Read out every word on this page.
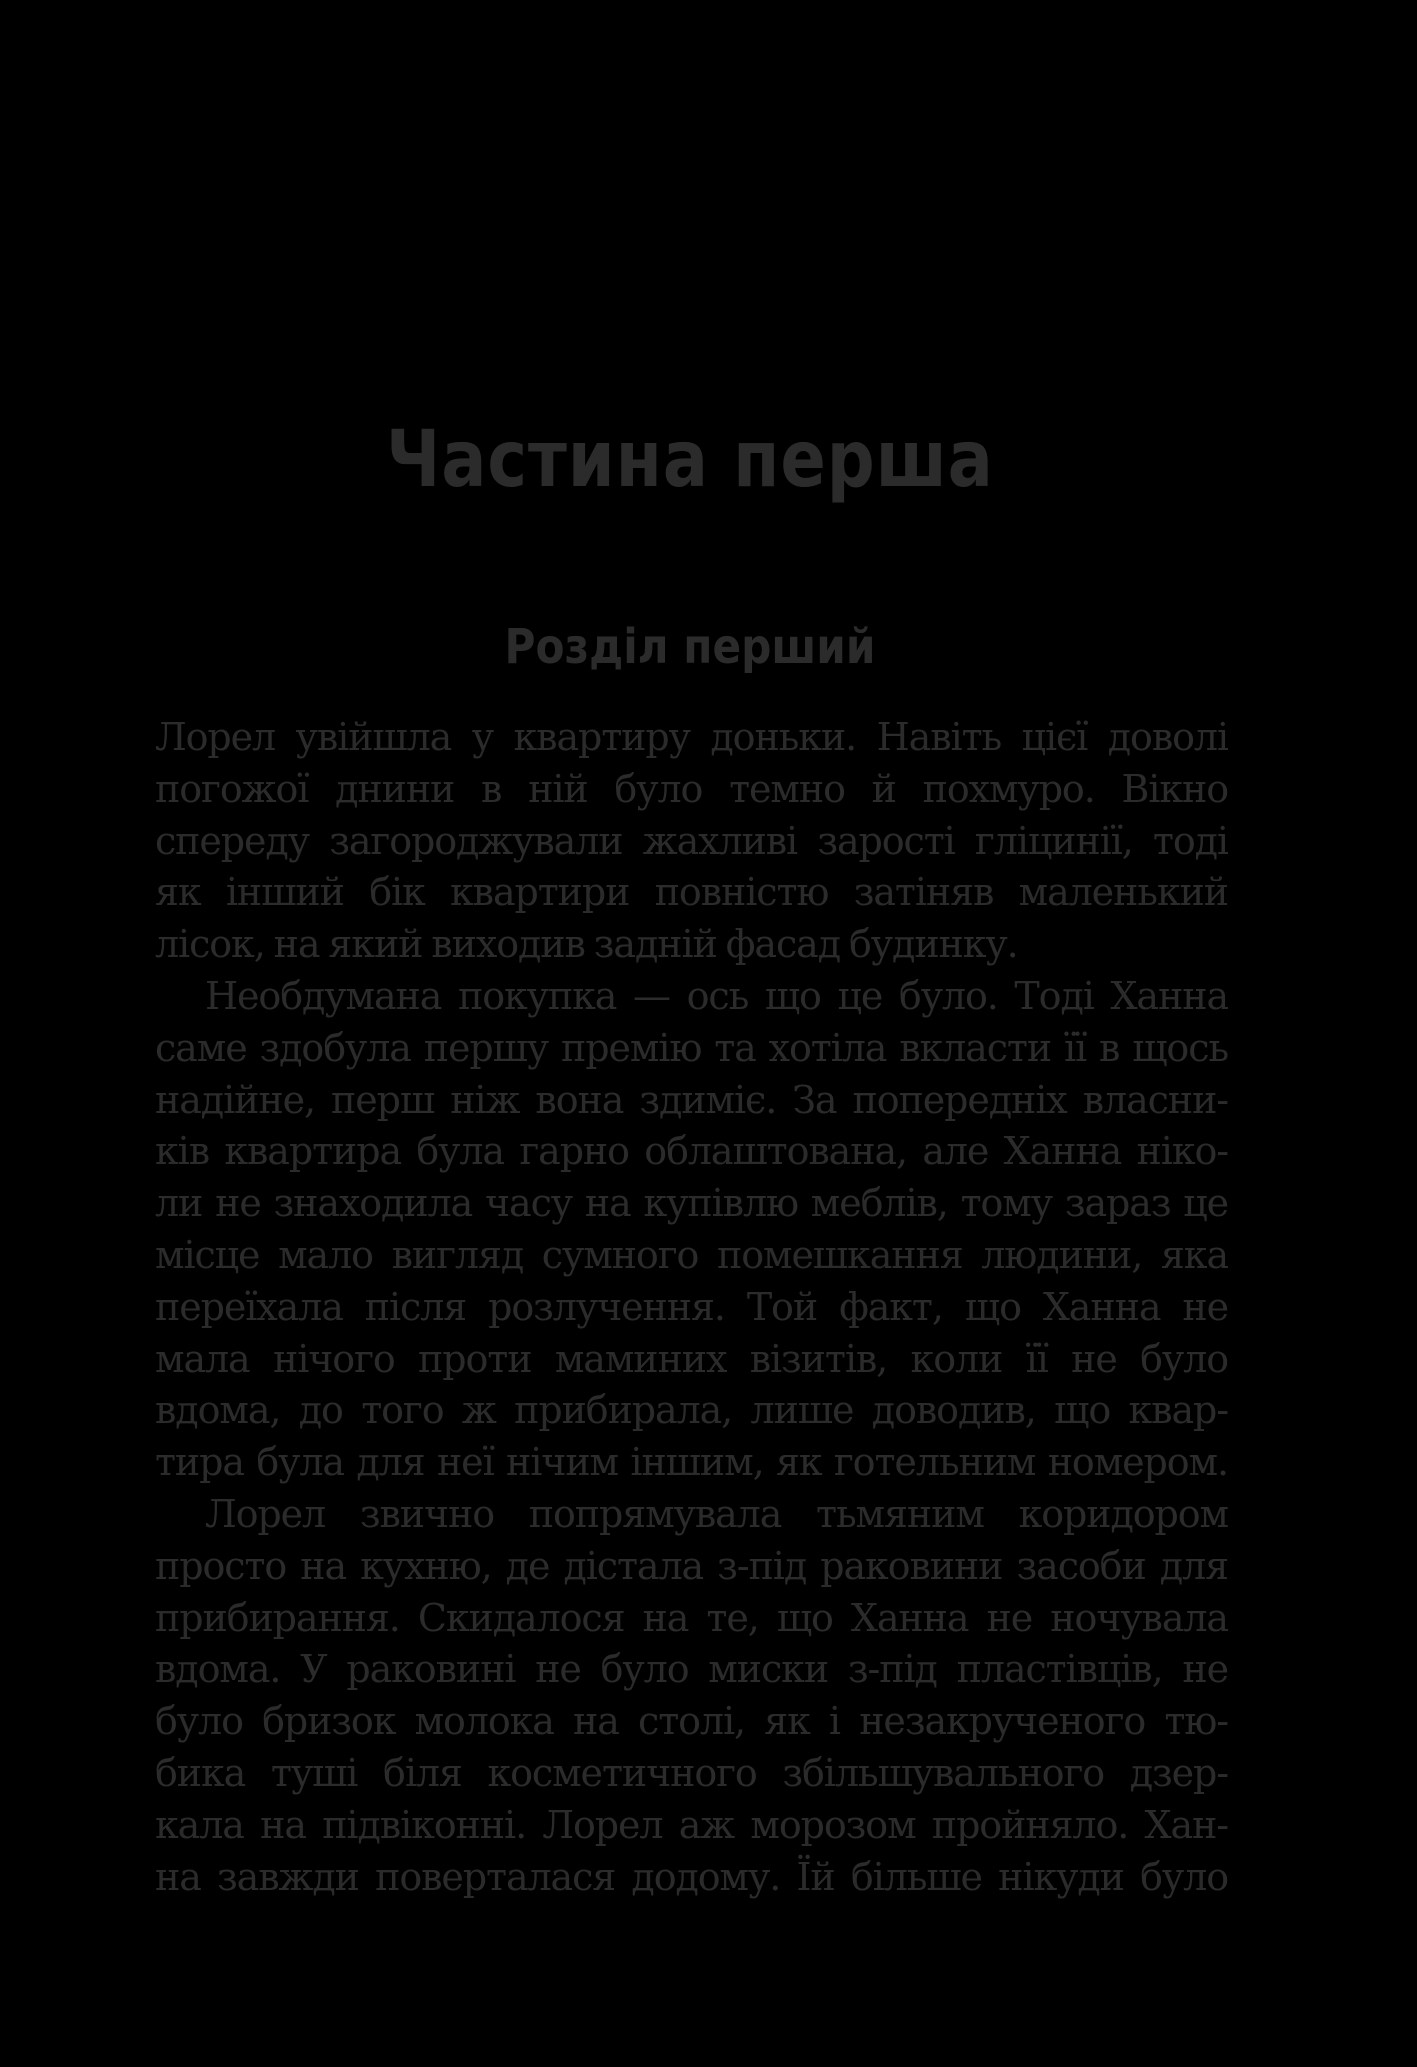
Частина перша
Розділ перший

Лорел увійшла у квартиру доньки. Навіть цієї доволі
погожої днини в ній було темно й похмуро. Вікно
спереду загороджували жахливі зарості гліцинії, тоді
як інший бік квартири повністю затіняв маленький
лісок, на який виходив задній фасад будинку.

Необдумана покупка — ось що це було. Тоді Ханна
саме здобула першу премію та хотіла вкласти її в щось
надійне, перш ніж вона здиміє. За попередніх власни-
ків квартира була гарно облаштована, але Ханна ніко-
ли не знаходила часу на купівлю меблів, тому зараз це
місце мало вигляд сумного помешкання людини, яка
переїхала після розлучення. Той факт, що Ханна не
мала нічого проти маминих візитів, коли її не було
вдома, до того ж прибирала, лише доводив, що квар-
тира була для неї нічим іншим, як готельним номером.

Лорел звично попрямувала тьмяним коридором
просто на кухню, де дістала з-під раковини засоби для
прибирання. Скидалося на те, що Ханна не ночувала
вдома. У раковині не було миски з-під пластівців, не
було бризок молока на столі, як і незакрученого тю-
бика туші біля косметичного збільшувального дзер-
кала на підвіконні. Лорел аж морозом пройняло. Хан-
на завжди поверталася додому. Їй більше нікуди було
